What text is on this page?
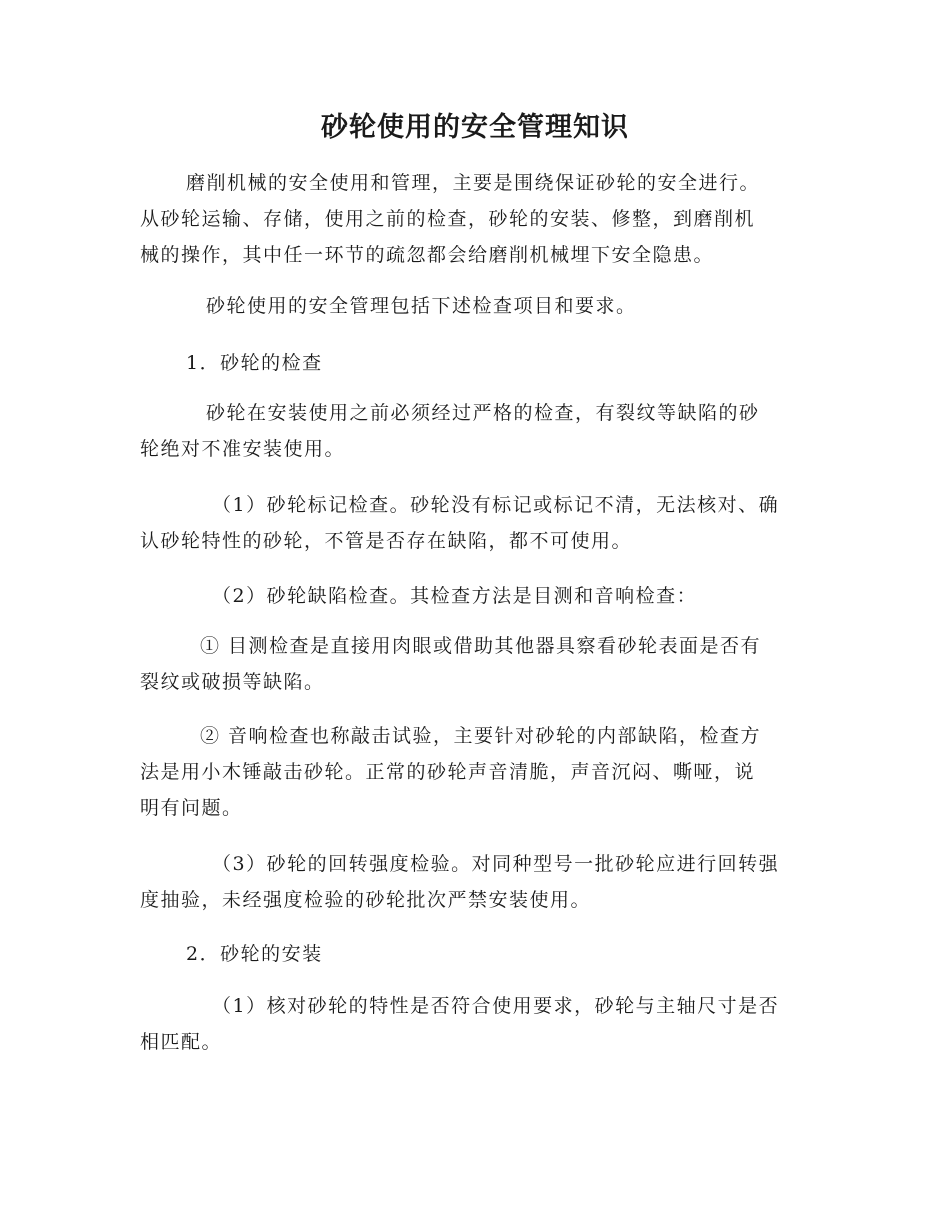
砂轮使用的安全管理知识

磨削机械的安全使用和管理，主要是围绕保证砂轮的安全进行。
从砂轮运输、存储，使用之前的检查，砂轮的安装、修整，到磨削机
械的操作，其中任一环节的疏忽都会给磨削机械埋下安全隐患。

砂轮使用的安全管理包括下述检查项目和要求。

1．砂轮的检查

砂轮在安装使用之前必须经过严格的检查，有裂纹等缺陷的砂
轮绝对不准安装使用。

（1）砂轮标记检查。砂轮没有标记或标记不清，无法核对、确
认砂轮特性的砂轮，不管是否存在缺陷，都不可使用。

（2）砂轮缺陷检查。其检查方法是目测和音响检查：

① 目测检查是直接用肉眼或借助其他器具察看砂轮表面是否有
裂纹或破损等缺陷。

② 音响检查也称敲击试验，主要针对砂轮的内部缺陷，检查方
法是用小木锤敲击砂轮。正常的砂轮声音清脆，声音沉闷、嘶哑，说
明有问题。

（3）砂轮的回转强度检验。对同种型号一批砂轮应进行回转强
度抽验，未经强度检验的砂轮批次严禁安装使用。

2．砂轮的安装

（1）核对砂轮的特性是否符合使用要求，砂轮与主轴尺寸是否
相匹配。
